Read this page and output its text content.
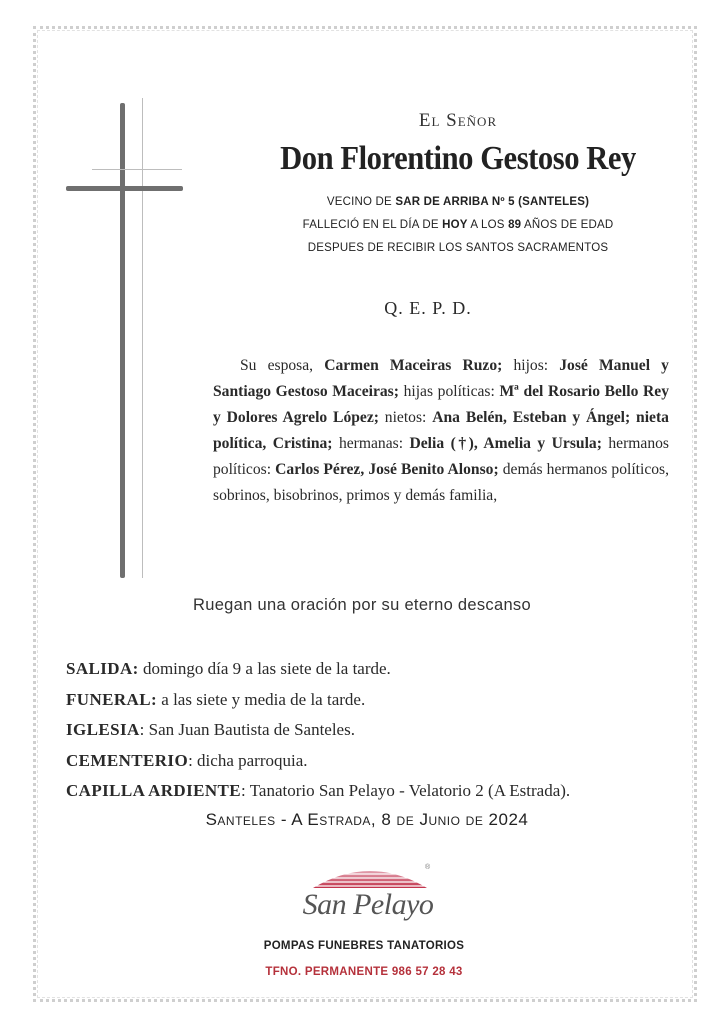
El Señor
Don Florentino Gestoso Rey
VECINO DE SAR DE ARRIBA Nº 5 (SANTELES)
FALLECIÓ EN EL DÍA DE HOY A LOS 89 AÑOS DE EDAD
DESPUES DE RECIBIR LOS SANTOS SACRAMENTOS
Q. E. P. D.
Su esposa, Carmen Maceiras Ruzo; hijos: José Manuel y Santiago Gestoso Maceiras; hijas políticas: Mª del Rosario Bello Rey y Dolores Agrelo López; nietos: Ana Belén, Esteban y Ángel; nieta política, Cristina; hermanas: Delia (†), Amelia y Ursula; hermanos políticos: Carlos Pérez, José Benito Alonso; demás hermanos políticos, sobrinos, bisobrinos, primos y demás familia,
Ruegan una oración por su eterno descanso
SALIDA: domingo día 9 a las siete de la tarde.
FUNERAL: a las siete y media de la tarde.
IGLESIA: San Juan Bautista de Santeles.
CEMENTERIO: dicha parroquia.
CAPILLA ARDIENTE: Tanatorio San Pelayo - Velatorio 2 (A Estrada).
Santeles - A Estrada, 8 de Junio de 2024
®
San Pelayo
POMPAS FUNEBRES TANATORIOS
TFNO. PERMANENTE 986 57 28 43
